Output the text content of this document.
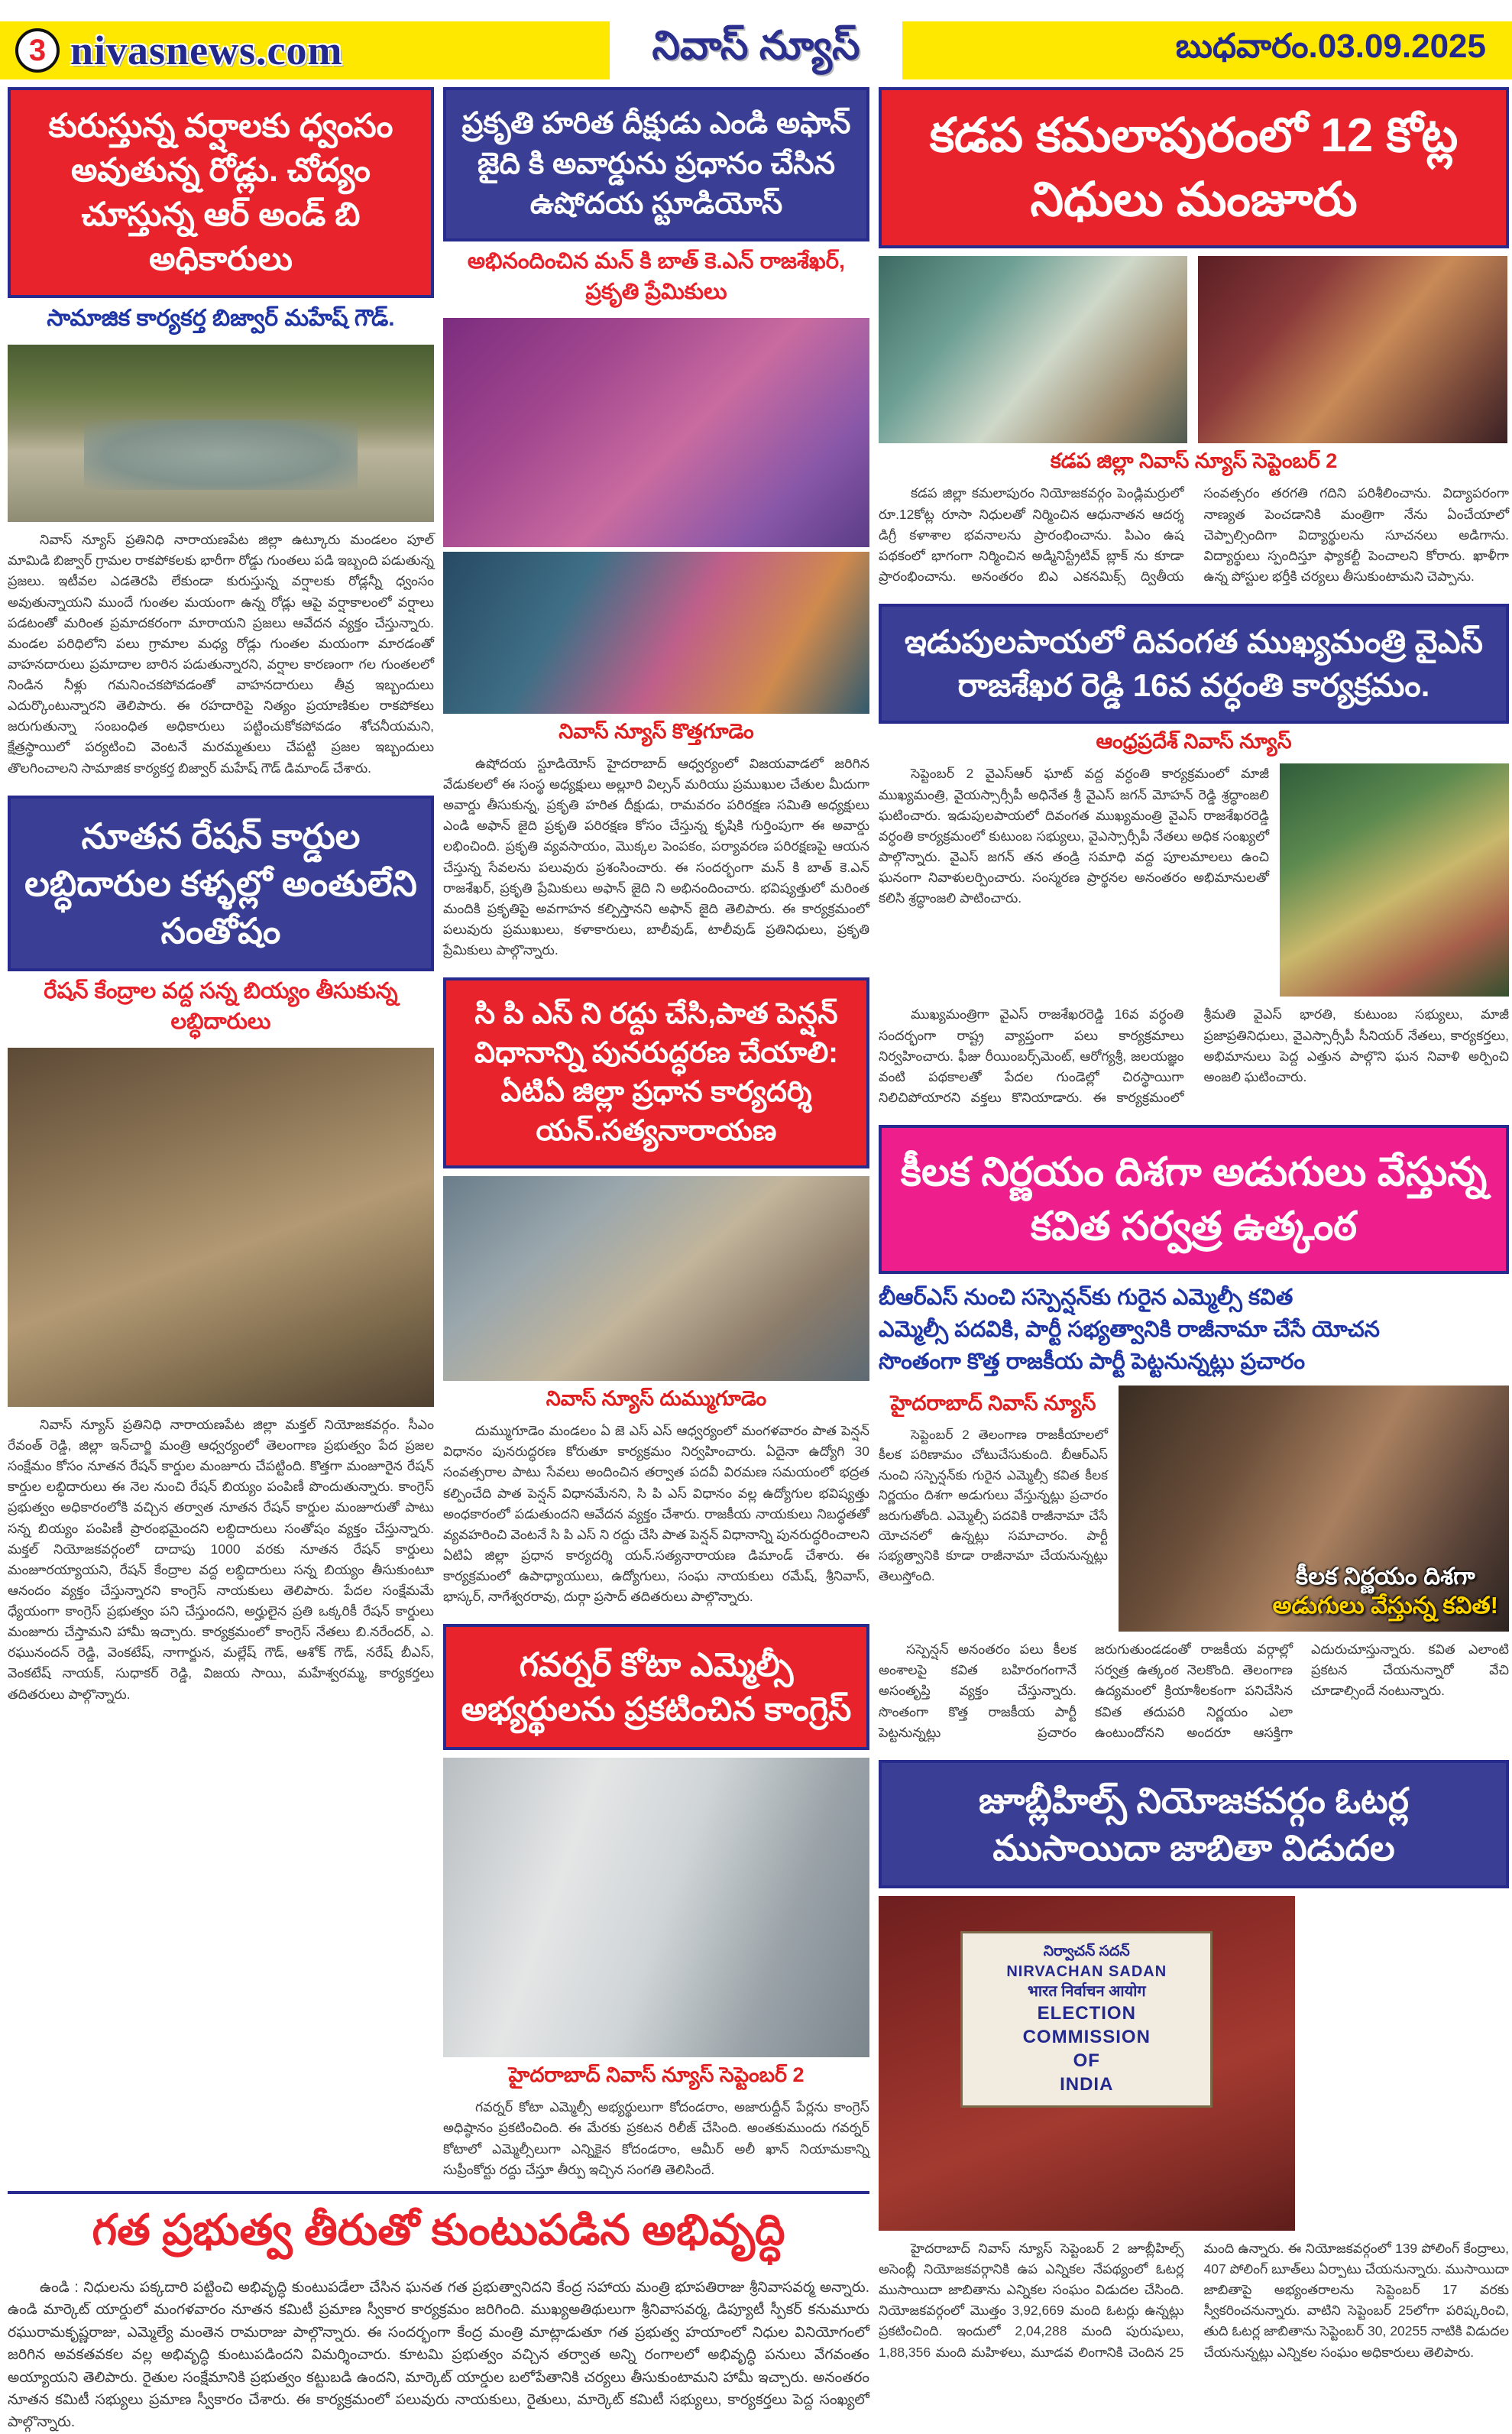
3 nivasnews.com	నివాస్ న్యూస్	బుధవారం.03.09.2025
కురుస్తున్న వర్షాలకు ధ్వంసం అవుతున్న రోడ్లు. చోద్యం చూస్తున్న ఆర్ అండ్ బి అధికారులు
సామాజిక కార్యకర్త బిజ్వార్ మహేష్ గౌడ్.
నివాస్ న్యూస్ ప్రతినిధి నారాయణపేట జిల్లా ఉట్కూరు మండలం పూల్ మామిడి బిజ్వార్ గ్రామల రాకపోకలకు భారీగా రోడ్డు గుంతలు పడి ఇబ్బంది పడుతున్న ప్రజలు. ఇటీవల ఎడతెరపి లేకుండా కురుస్తున్న వర్షాలకు రోడ్లన్నీ ధ్వంసం అవుతున్నాయని ముందే గుంతల మయంగా ఉన్న రోడ్లు ఆపై వర్షాకాలంలో వర్షాలు పడటంతో మరింత ప్రమాదకరంగా మారాయని ప్రజలు ఆవేదన వ్యక్తం చేస్తున్నారు. మండల పరిధిలోని పలు గ్రామాల మధ్య రోడ్లు గుంతల మయంగా మారడంతో వాహనదారులు ప్రమాదాల బారిన పడుతున్నారని, వర్షాల కారణంగా గల గుంతలలో నిండిన నీళ్లు గమనించకపోవడంతో వాహనదారులు తీవ్ర ఇబ్బందులు ఎదుర్కొంటున్నారని తెలిపారు. ఈ రహదారిపై నిత్యం ప్రయాణికుల రాకపోకలు జరుగుతున్నా సంబంధిత అధికారులు పట్టించుకోకపోవడం శోచనీయమని, క్షేత్రస్థాయిలో పర్యటించి వెంటనే మరమ్మతులు చేపట్టి ప్రజల ఇబ్బందులు తొలగించాలని సామాజిక కార్యకర్త బిజ్వార్ మహేష్ గౌడ్ డిమాండ్ చేశారు.
నూతన రేషన్ కార్డుల లబ్ధిదారుల కళ్ళల్లో అంతులేని సంతోషం
రేషన్ కేంద్రాల వద్ద సన్న బియ్యం తీసుకున్న లబ్ధిదారులు
నివాస్ న్యూస్ ప్రతినిధి నారాయణపేట జిల్లా మక్తల్ నియోజకవర్గం. సీఎం రేవంత్ రెడ్డి, జిల్లా ఇన్‌చార్జి మంత్రి ఆధ్వర్యంలో తెలంగాణ ప్రభుత్వం పేద ప్రజల సంక్షేమం కోసం నూతన రేషన్ కార్డుల మంజూరు చేపట్టింది. కొత్తగా మంజూరైన రేషన్ కార్డుల లబ్ధిదారులు ఈ నెల నుంచి రేషన్ బియ్యం పంపిణీ పొందుతున్నారు. కాంగ్రెస్ ప్రభుత్వం అధికారంలోకి వచ్చిన తర్వాత నూతన రేషన్ కార్డుల మంజూరుతో పాటు సన్న బియ్యం పంపిణీ ప్రారంభమైందని లబ్ధిదారులు సంతోషం వ్యక్తం చేస్తున్నారు. మక్తల్ నియోజకవర్గంలో దాదాపు 1000 వరకు నూతన రేషన్ కార్డులు మంజూరయ్యాయని, రేషన్ కేంద్రాల వద్ద లబ్ధిదారులు సన్న బియ్యం తీసుకుంటూ ఆనందం వ్యక్తం చేస్తున్నారని కాంగ్రెస్ నాయకులు తెలిపారు. పేదల సంక్షేమమే ధ్యేయంగా కాంగ్రెస్ ప్రభుత్వం పని చేస్తుందని, అర్హులైన ప్రతి ఒక్కరికీ రేషన్ కార్డులు మంజూరు చేస్తామని హామీ ఇచ్చారు. కార్యక్రమంలో కాంగ్రెస్ నేతలు బి.నరేందర్, ఎ. రఘునందన్ రెడ్డి, వెంకటేష్, నాగార్జున, మల్లేష్ గౌడ్, ఆశోక్ గౌడ్, నరేష్ బీఎస్, వెంకటేష్ నాయక్, సుధాకర్ రెడ్డి, విజయ సాయి, మహేశ్వరమ్మ, కార్యకర్తలు తదితరులు పాల్గొన్నారు.
ప్రకృతి హరిత దీక్షుడు ఎండి అఫాన్ జైది కి అవార్డును ప్రధానం చేసిన ఉషోదయ స్టూడియోస్
అభినందించిన మన్ కి బాత్ కె.ఎన్ రాజశేఖర్, ప్రకృతి ప్రేమికులు
నివాస్ న్యూస్ కొత్తగూడెం
ఉషోదయ స్టూడియోస్ హైదరాబాద్ ఆధ్వర్యంలో విజయవాడలో జరిగిన వేడుకలలో ఈ సంస్థ అధ్యక్షులు అల్లూరి విల్సన్ మరియు ప్రముఖుల చేతుల మీదుగా అవార్డు తీసుకున్న, ప్రకృతి హరిత దీక్షుడు, రామవరం పరిరక్షణ సమితి అధ్యక్షులు ఎండి అఫాన్ జైది ప్రకృతి పరిరక్షణ కోసం చేస్తున్న కృషికి గుర్తింపుగా ఈ అవార్డు లభించింది. ప్రకృతి వ్యవసాయం, మొక్కల పెంపకం, పర్యావరణ పరిరక్షణపై ఆయన చేస్తున్న సేవలను పలువురు ప్రశంసించారు. ఈ సందర్భంగా మన్ కి బాత్ కె.ఎన్ రాజశేఖర్, ప్రకృతి ప్రేమికులు అఫాన్ జైది ని అభినందించారు. భవిష్యత్తులో మరింత మందికి ప్రకృతిపై అవగాహన కల్పిస్తానని అఫాన్ జైది తెలిపారు. ఈ కార్యక్రమంలో పలువురు ప్రముఖులు, కళాకారులు, బాలీవుడ్, టాలీవుడ్ ప్రతినిధులు, ప్రకృతి ప్రేమికులు పాల్గొన్నారు.
సి పి ఎస్ ని రద్దు చేసి,పాత పెన్షన్ విధానాన్ని పునరుద్ధరణ చేయాలి: ఏటిఏ జిల్లా ప్రధాన కార్యదర్శి యన్.సత్యనారాయణ
నివాస్ న్యూస్ దుమ్ముగూడెం
దుమ్ముగూడెం మండలం ఏ జె ఎస్ ఎస్ ఆధ్వర్యంలో మంగళవారం పాత పెన్షన్ విధానం పునరుద్ధరణ కోరుతూ కార్యక్రమం నిర్వహించారు. ఏదైనా ఉద్యోగి 30 సంవత్సరాల పాటు సేవలు అందించిన తర్వాత పదవీ విరమణ సమయంలో భద్రత కల్పించేది పాత పెన్షన్ విధానమేనని, సి పి ఎస్ విధానం వల్ల ఉద్యోగుల భవిష్యత్తు అంధకారంలో పడుతుందని ఆవేదన వ్యక్తం చేశారు. రాజకీయ నాయకులు నిబద్ధతతో వ్యవహరించి వెంటనే సి పి ఎస్ ని రద్దు చేసి పాత పెన్షన్ విధానాన్ని పునరుద్ధరించాలని ఏటిఏ జిల్లా ప్రధాన కార్యదర్శి యన్.సత్యనారాయణ డిమాండ్ చేశారు. ఈ కార్యక్రమంలో ఉపాధ్యాయులు, ఉద్యోగులు, సంఘ నాయకులు రమేష్, శ్రీనివాస్, భాస్కర్, నాగేశ్వరరావు, దుర్గా ప్రసాద్ తదితరులు పాల్గొన్నారు.
గవర్నర్ కోటా ఎమ్మెల్సీ అభ్యర్థులను ప్రకటించిన కాంగ్రెస్
హైదరాబాద్ నివాస్ న్యూస్ సెప్టెంబర్ 2
గవర్నర్ కోటా ఎమ్మెల్సీ అభ్యర్థులుగా కోదండరాం, అజారుద్దీన్ పేర్లను కాంగ్రెస్ అధిష్ఠానం ప్రకటించింది. ఈ మేరకు ప్రకటన రిలీజ్ చేసింది. అంతకుముందు గవర్నర్ కోటాలో ఎమ్మెల్సీలుగా ఎన్నికైన కోదండరాం, ఆమీర్ అలీ ఖాన్ నియామకాన్ని సుప్రీంకోర్టు రద్దు చేస్తూ తీర్పు ఇచ్చిన సంగతి తెలిసిందే.
గత ప్రభుత్వ తీరుతో కుంటుపడిన అభివృద్ధి
ఉండి : నిధులను పక్కదారి పట్టించి అభివృద్ధి కుంటుపడేలా చేసిన ఘనత గత ప్రభుత్వానిదని కేంద్ర సహాయ మంత్రి భూపతిరాజు శ్రీనివాసవర్మ అన్నారు. ఉండి మార్కెట్ యార్డులో మంగళవారం నూతన కమిటీ ప్రమాణ స్వీకార కార్యక్రమం జరిగింది. ముఖ్యఅతిథులుగా శ్రీనివాసవర్మ, డిప్యూటీ స్పీకర్ కనుమూరు రఘురామకృష్ణరాజు, ఎమ్మెల్యే మంతెన రామరాజు పాల్గొన్నారు. ఈ సందర్భంగా కేంద్ర మంత్రి మాట్లాడుతూ గత ప్రభుత్వ హయాంలో నిధుల వినియోగంలో జరిగిన అవకతవకల వల్ల అభివృద్ధి కుంటుపడిందని విమర్శించారు. కూటమి ప్రభుత్వం వచ్చిన తర్వాత అన్ని రంగాలలో అభివృద్ధి పనులు వేగవంతం అయ్యాయని తెలిపారు. రైతుల సంక్షేమానికి ప్రభుత్వం కట్టుబడి ఉందని, మార్కెట్ యార్డుల బలోపేతానికి చర్యలు తీసుకుంటామని హామీ ఇచ్చారు. అనంతరం నూతన కమిటీ సభ్యులు ప్రమాణ స్వీకారం చేశారు. ఈ కార్యక్రమంలో పలువురు నాయకులు, రైతులు, మార్కెట్ కమిటీ సభ్యులు, కార్యకర్తలు పెద్ద సంఖ్యలో పాల్గొన్నారు.
కడప కమలాపురంలో 12 కోట్ల నిధులు మంజూరు
కడప జిల్లా నివాస్ న్యూస్ సెప్టెంబర్ 2
కడప జిల్లా కమలాపురం నియోజకవర్గం పెండ్లిమర్రులో రూ.12కోట్ల రూసా నిధులతో నిర్మించిన ఆధునాతన ఆదర్శ డిగ్రీ కళాశాల భవనాలను ప్రారంభించాను. పిఎం ఉష పథకంలో భాగంగా నిర్మించిన అడ్మినిస్ట్రేటివ్ బ్లాక్ ను కూడా ప్రారంభించాను. అనంతరం బిఎ ఎకనమిక్స్ ద్వితీయ సంవత్సరం తరగతి గదిని పరిశీలించాను. విద్యాపరంగా నాణ్యత పెంచడానికి మంత్రిగా నేను ఏంచేయాలో చెప్పాల్సిందిగా విద్యార్థులను సూచనలు అడిగాను. విద్యార్థులు స్పందిస్తూ ఫ్యాకల్టీ పెంచాలని కోరారు. ఖాళీగా ఉన్న పోస్టుల భర్తీకి చర్యలు తీసుకుంటామని చెప్పాను.
ఇడుపులపాయలో దివంగత ముఖ్యమంత్రి వైఎస్ రాజశేఖర రెడ్డి 16వ వర్ధంతి కార్యక్రమం.
ఆంధ్రప్రదేశ్ నివాస్ న్యూస్
సెప్టెంబర్ 2 వైఎస్ఆర్ ఘాట్ వద్ద వర్ధంతి కార్యక్రమంలో మాజీ ముఖ్యమంత్రి, వైయస్సార్సీపీ అధినేత శ్రీ వైఎస్ జగన్ మోహన్ రెడ్డి శ్రద్ధాంజలి ఘటించారు. ఇడుపులపాయలో దివంగత ముఖ్యమంత్రి వైఎస్ రాజశేఖరరెడ్డి వర్ధంతి కార్యక్రమంలో కుటుంబ సభ్యులు, వైఎస్సార్సీపీ నేతలు అధిక సంఖ్యలో పాల్గొన్నారు. వైఎస్ జగన్ తన తండ్రి సమాధి వద్ద పూలమాలలు ఉంచి ఘనంగా నివాళులర్పించారు. సంస్మరణ ప్రార్థనల అనంతరం అభిమానులతో కలిసి శ్రద్ధాంజలి పాటించారు.
ముఖ్యమంత్రిగా వైఎస్ రాజశేఖరరెడ్డి 16వ వర్ధంతి సందర్భంగా రాష్ట్ర వ్యాప్తంగా పలు కార్యక్రమాలు నిర్వహించారు. ఫీజు రీయింబర్స్‌మెంట్, ఆరోగ్యశ్రీ, జలయజ్ఞం వంటి పథకాలతో పేదల గుండెల్లో చిరస్థాయిగా నిలిచిపోయారని వక్తలు కొనియాడారు. ఈ కార్యక్రమంలో శ్రీమతి వైఎస్ భారతి, కుటుంబ సభ్యులు, మాజీ ప్రజాప్రతినిధులు, వైఎస్సార్సీపీ సీనియర్ నేతలు, కార్యకర్తలు, అభిమానులు పెద్ద ఎత్తున పాల్గొని ఘన నివాళి అర్పించి అంజలి ఘటించారు.
కీలక నిర్ణయం దిశగా అడుగులు వేస్తున్న కవిత సర్వత్ర ఉత్కంఠ
బీఆర్ఎస్ నుంచి సస్పెన్షన్‌కు గురైన ఎమ్మెల్సీ కవిత
ఎమ్మెల్సీ పదవికి, పార్టీ సభ్యత్వానికి రాజీనామా చేసే యోచన
సొంతంగా కొత్త రాజకీయ పార్టీ పెట్టనున్నట్లు ప్రచారం
హైదరాబాద్ నివాస్ న్యూస్
సెప్టెంబర్ 2 తెలంగాణ రాజకీయాలలో కీలక పరిణామం చోటుచేసుకుంది. బీఆర్ఎస్ నుంచి సస్పెన్షన్‌కు గురైన ఎమ్మెల్సీ కవిత కీలక నిర్ణయం దిశగా అడుగులు వేస్తున్నట్లు ప్రచారం జరుగుతోంది. ఎమ్మెల్సీ పదవికి రాజీనామా చేసే యోచనలో ఉన్నట్లు సమాచారం. పార్టీ సభ్యత్వానికి కూడా రాజీనామా చేయనున్నట్లు తెలుస్తోంది.	కీలక నిర్ణయం దిశగా
అడుగులు వేస్తున్న కవిత!
సస్పెన్షన్ అనంతరం పలు కీలక అంశాలపై కవిత బహిరంగంగానే అసంతృప్తి వ్యక్తం చేస్తున్నారు. సొంతంగా కొత్త రాజకీయ పార్టీ పెట్టనున్నట్లు ప్రచారం జరుగుతుండడంతో రాజకీయ వర్గాల్లో సర్వత్ర ఉత్కంఠ నెలకొంది. తెలంగాణ ఉద్యమంలో క్రియాశీలకంగా పనిచేసిన కవిత తదుపరి నిర్ణయం ఎలా ఉంటుందోనని అందరూ ఆసక్తిగా ఎదురుచూస్తున్నారు. కవిత ఎలాంటి ప్రకటన చేయనున్నారో వేచి చూడాల్సిందే నంటున్నారు.
జూబ్లీహిల్స్ నియోజకవర్గం ఓటర్ల ముసాయిదా జాబితా విడుదల
నిర్వాచన్ సదన్
NIRVACHAN SADAN
भारत निर्वाचन आयोग
ELECTION COMMISSION
OF
INDIA
హైదరాబాద్ నివాస్ న్యూస్ సెప్టెంబర్ 2 జూబ్లీహిల్స్ అసెంబ్లీ నియోజకవర్గానికి ఉప ఎన్నికల నేపథ్యంలో ఓటర్ల ముసాయిదా జాబితాను ఎన్నికల సంఘం విడుదల చేసింది. నియోజకవర్గంలో మొత్తం 3,92,669 మంది ఓటర్లు ఉన్నట్లు ప్రకటించింది. ఇందులో 2,04,288 మంది పురుషులు, 1,88,356 మంది మహిళలు, మూడవ లింగానికి చెందిన 25 మంది ఉన్నారు. ఈ నియోజకవర్గంలో 139 పోలింగ్ కేంద్రాలు, 407 పోలింగ్ బూత్‌లు ఏర్పాటు చేయనున్నారు. ముసాయిదా జాబితాపై అభ్యంతరాలను సెప్టెంబర్ 17 వరకు స్వీకరించనున్నారు. వాటిని సెప్టెంబర్ 25లోగా పరిష్కరించి, తుది ఓటర్ల జాబితాను సెప్టెంబర్ 30, 20255 నాటికి విడుదల చేయనున్నట్లు ఎన్నికల సంఘం అధికారులు తెలిపారు.
